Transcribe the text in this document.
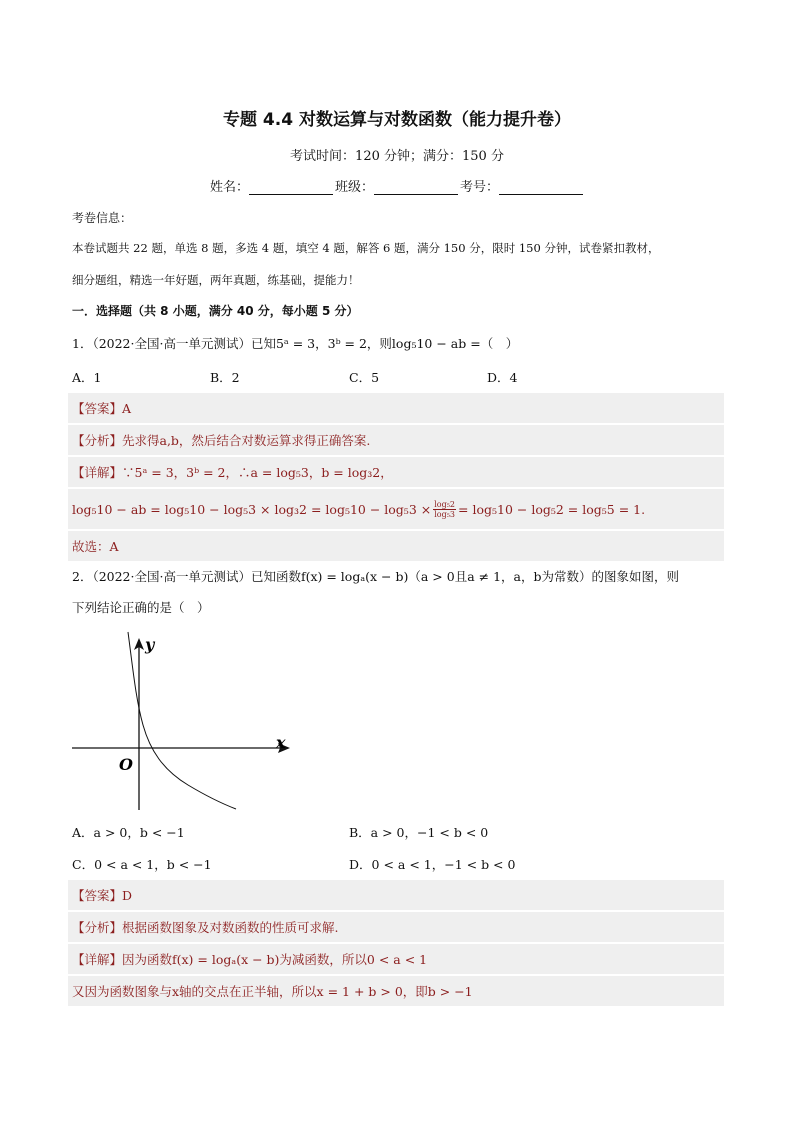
专题 4.4 对数运算与对数函数（能力提升卷）
考试时间：120 分钟；满分：150 分
姓名：	班级：	考号：
考卷信息：
本卷试题共 22 题，单选 8 题，多选 4 题，填空 4 题，解答 6 题，满分 150 分，限时 150 分钟，试卷紧扣教材，
细分题组，精选一年好题，两年真题，练基础，提能力！
一．选择题（共 8 小题，满分 40 分，每小题 5 分）
1．（2022·全国·高一单元测试）已知5ᵃ = 3，3ᵇ = 2，则log₅10 − ab =（　）
A．1	B．2	C．5	D．4
【答案】A
【分析】先求得a,b，然后结合对数运算求得正确答案.
【详解】∵5ᵃ = 3，3ᵇ = 2，∴a = log₅3，b = log₃2，
log₅10 − ab = $\log_510 - \log_53 \times \log_32 = \log_510 - \log_53 \times \frac{\text{log₅2}}{\text{log₅3}} = \log_510 - \log_52 = \log_55 = 1$.
故选：A
2．（2022·全国·高一单元测试）已知函数f(x) = logₐ(x − b)（a > 0且a ≠ 1，a，b为常数）的图象如图，则
下列结论正确的是（　）
y
x
O
A．a > 0，b < −1	B．a > 0，−1 < b < 0
C．0 < a < 1，b < −1	D．0 < a < 1，−1 < b < 0
【答案】D
【分析】根据函数图象及对数函数的性质可求解.
【详解】因为函数f(x) = logₐ(x − b)为减函数，所以0 < a < 1
又因为函数图象与x轴的交点在正半轴，所以x = 1 + b > 0，即b > −1
